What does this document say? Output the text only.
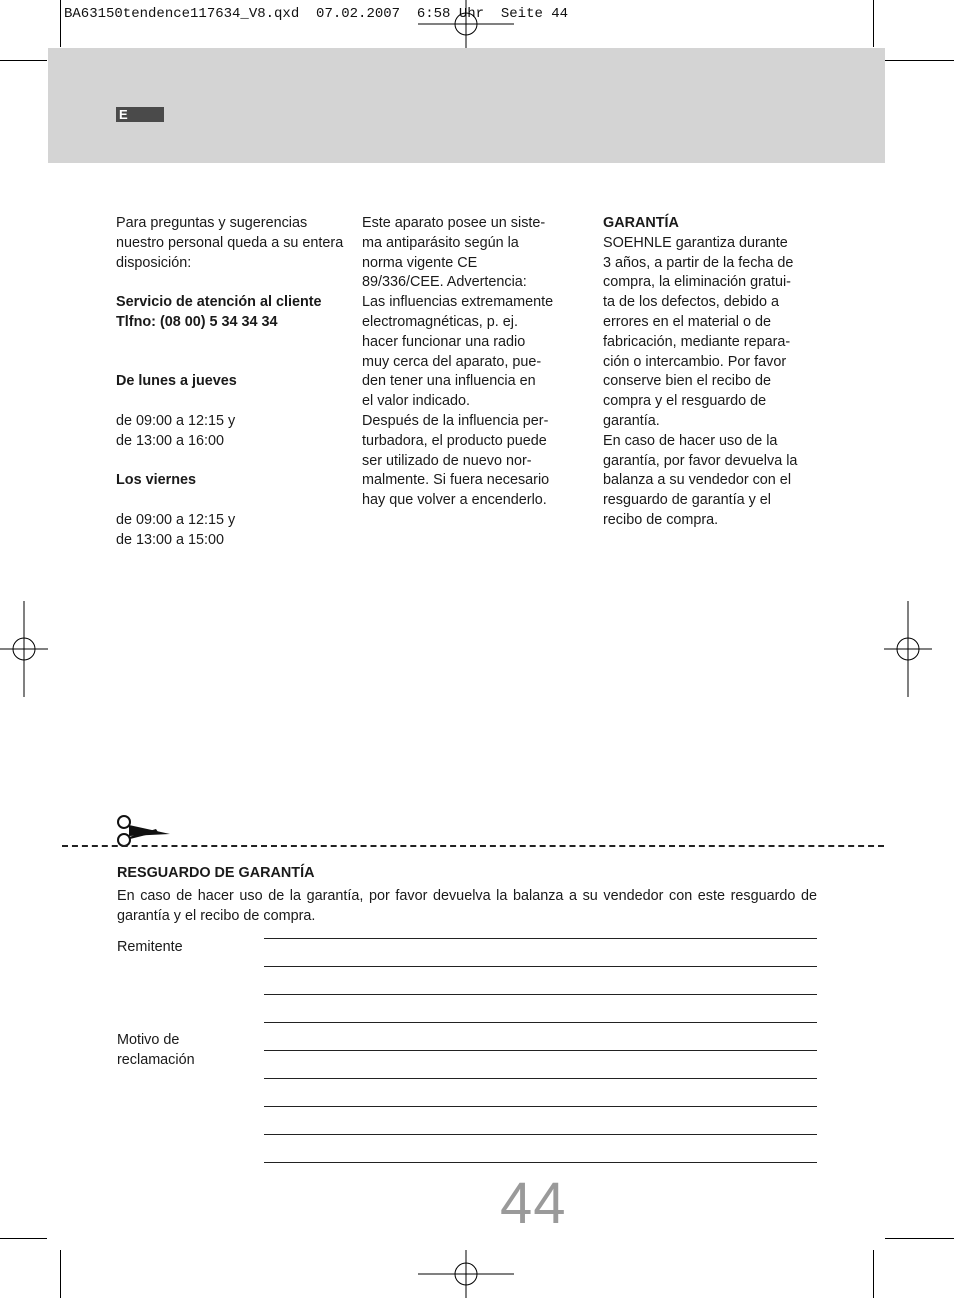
BA63150tendence117634_V8.qxd  07.02.2007  6:58 Uhr  Seite 44
E

Para preguntas y sugerencias nuestro personal queda a su entera disposición:

Servicio de atención al cliente

Tlfno: (08 00) 5 34 34 34

De lunes a jueves

de 09:00 a 12:15 y

de 13:00 a 16:00

Los viernes

de 09:00 a 12:15 y

de 13:00 a 15:00

Este aparato posee un siste-

ma antiparásito según la

norma vigente CE

89/336/CEE. Advertencia:

Las influencias extremamente

electromagnéticas, p. ej.

hacer funcionar una radio

muy cerca del aparato, pue-

den tener una influencia en

el valor indicado.

Después de la influencia per-

turbadora, el producto puede

ser utilizado de nuevo nor-

malmente. Si fuera necesario

hay que volver a encenderlo.

GARANTÍA

SOEHNLE garantiza durante

3 años, a partir de la fecha de

compra, la eliminación gratui-

ta de los defectos, debido a

errores en el material o de

fabricación, mediante repara-

ción o intercambio. Por favor

conserve bien el recibo de

compra y el resguardo de

garantía.

En caso de hacer uso de la

garantía, por favor devuelva la

balanza a su vendedor con el

resguardo de garantía y el

recibo de compra.

RESGUARDO DE GARANTÍA
En caso de hacer uso de la garantía, por favor devuelva la balanza a su vendedor con este resguardo de garantía y el recibo de compra.
Remitente
Motivo de
reclamación
44
